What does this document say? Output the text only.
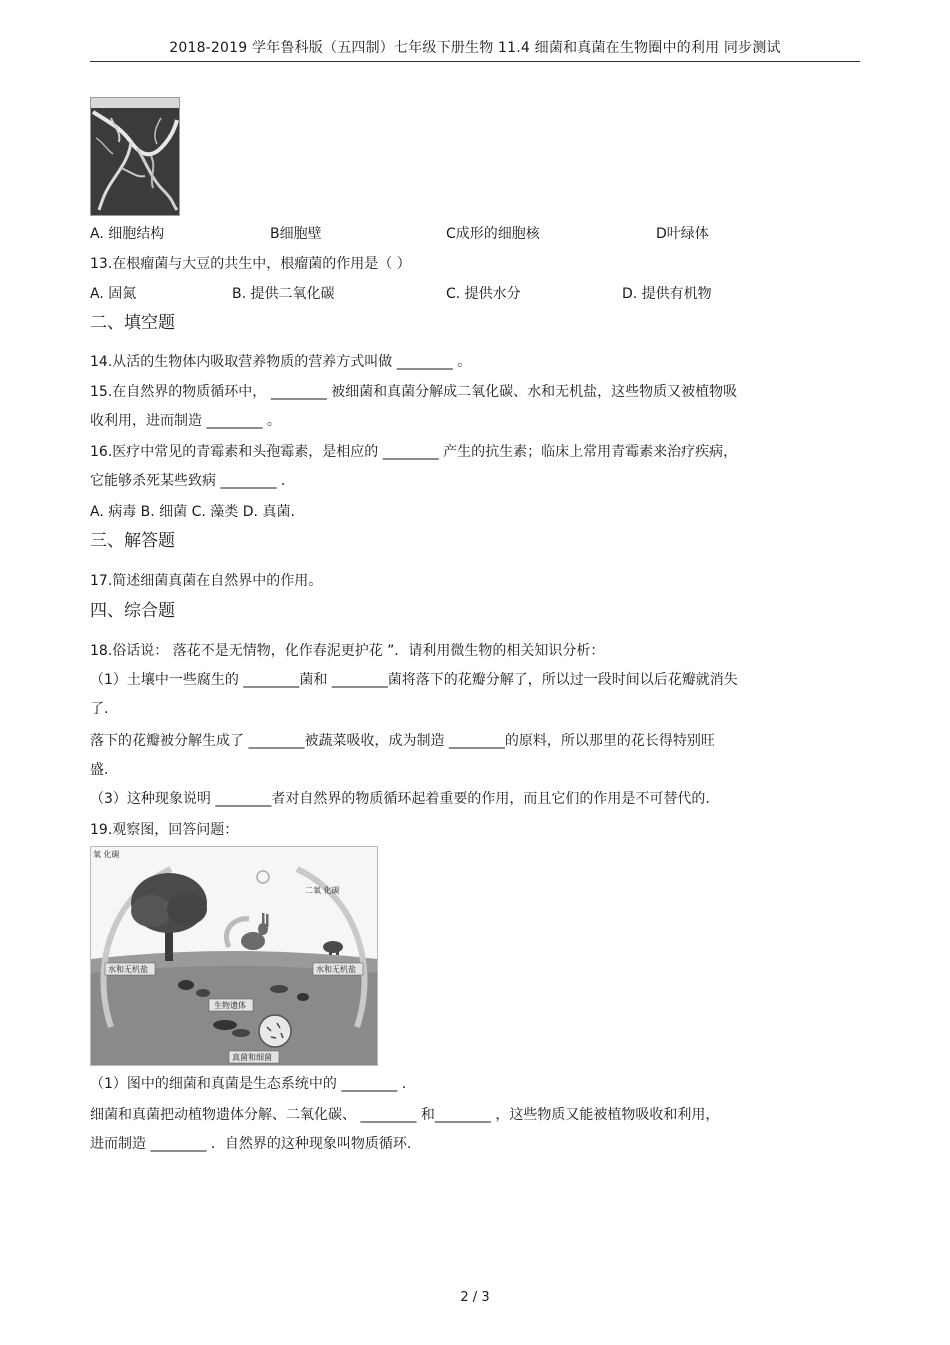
2018-2019 学年鲁科版（五四制）七年级下册生物 11.4 细菌和真菌在生物圈中的利用 同步测试
A. 细胞结构	B细胞壁	C成形的细胞核	D叶绿体
13.在根瘤菌与大豆的共生中，根瘤菌的作用是（ ）
A. 固氮	B. 提供二氧化碳	C. 提供水分	D. 提供有机物
二、填空题
14.从活的生物体内吸取营养物质的营养方式叫做 ________ 。
15.在自然界的物质循环中， ________ 被细菌和真菌分解成二氧化碳、水和无机盐，这些物质又被植物吸
收利用，进而制造 ________ 。
16.医疗中常见的青霉素和头孢霉素，是相应的 ________ 产生的抗生素；临床上常用青霉素来治疗疾病，
它能够杀死某些致病 ________ .
A. 病毒 B. 细菌 C. 藻类 D. 真菌.
三、解答题
17.简述细菌真菌在自然界中的作用。
四、综合题
18.俗话说： 落花不是无情物，化作春泥更护花 ”．请利用微生物的相关知识分析：
（1）土壤中一些腐生的 ________菌和 ________菌将落下的花瓣分解了，所以过一段时间以后花瓣就消失
了.
落下的花瓣被分解生成了 ________被蔬菜吸收，成为制造 ________的原料，所以那里的花长得特别旺
盛.
（3）这种现象说明 ________者对自然界的物质循环起着重要的作用，而且它们的作用是不可替代的.
19.观察图，回答问题：
氧 化碳
二氧 化碳
水和无机盐	水和无机盐
生物遗体
真菌和细菌
（1）图中的细菌和真菌是生态系统中的 ________ .
细菌和真菌把动植物遗体分解、二氧化碳、 ________ 和________ ，这些物质又能被植物吸收和利用，
进而制造 ________ ．自然界的这种现象叫物质循环.
2 / 3
